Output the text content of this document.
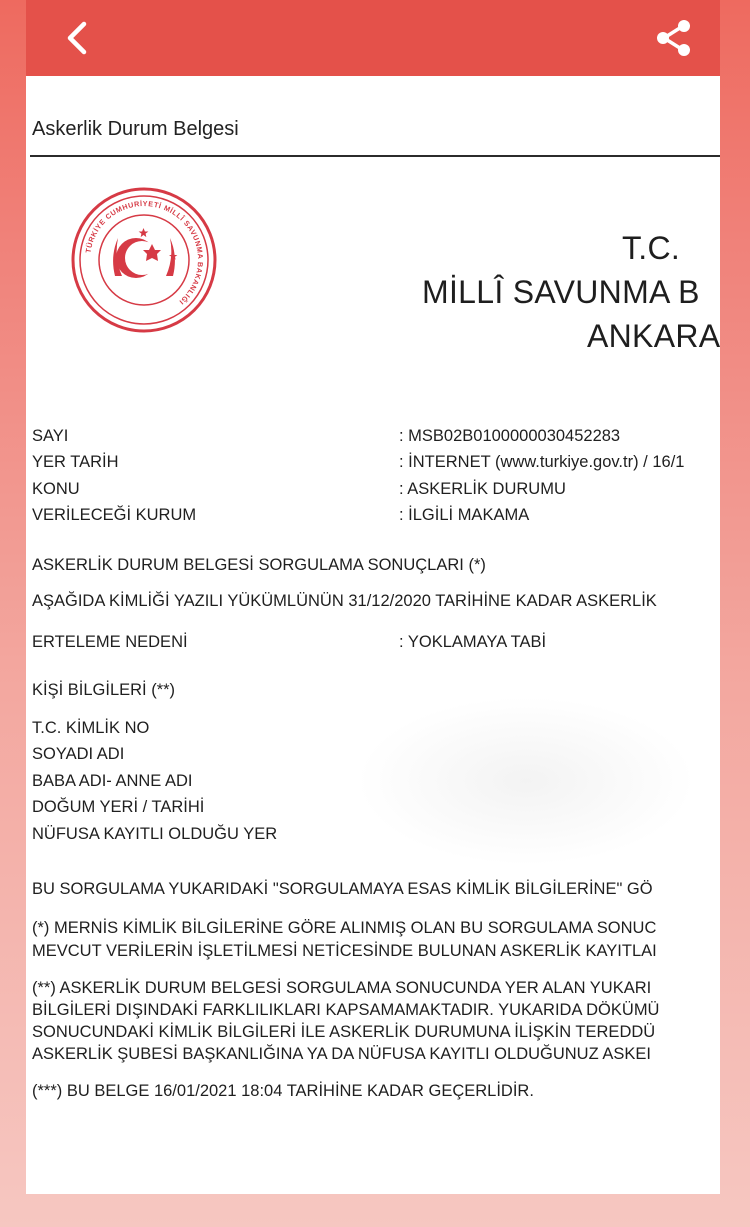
Askerlik Durum Belgesi
TÜRKİYE CUMHURİYETİ MİLLÎ SAVUNMA BAKANLIĞI
T.C.
MİLLÎ SAVUNMA B
ANKARA
SAYI	: MSB02B0100000030452283
YER TARİH	: İNTERNET (www.turkiye.gov.tr) / 16/1
KONU	: ASKERLİK DURUMU
VERİLECEĞİ KURUM	: İLGİLİ MAKAMA
ASKERLİK DURUM BELGESİ SORGULAMA SONUÇLARI (*)
AŞAĞIDA KİMLİĞİ YAZILI YÜKÜMLÜNÜN 31/12/2020 TARİHİNE KADAR ASKERLİK
ERTELEME NEDENİ	: YOKLAMAYA TABİ
KİŞİ BİLGİLERİ (**)
T.C. KİMLİK NO
SOYADI ADI
BABA ADI- ANNE ADI
DOĞUM YERİ / TARİHİ
NÜFUSA KAYITLI OLDUĞU YER
BU SORGULAMA YUKARIDAKİ "SORGULAMAYA ESAS KİMLİK BİLGİLERİNE" GÖ
(*) MERNİS KİMLİK BİLGİLERİNE GÖRE ALINMIŞ OLAN BU SORGULAMA SONUC
MEVCUT VERİLERİN İŞLETİLMESİ NETİCESİNDE BULUNAN ASKERLİK KAYITLAI
(**) ASKERLİK DURUM BELGESİ SORGULAMA SONUCUNDA YER ALAN YUKARI
BİLGİLERİ DIŞINDAKİ FARKLILIKLARI KAPSAMAMAKTADIR. YUKARIDA DÖKÜMÜ
SONUCUNDAKİ KİMLİK BİLGİLERİ İLE ASKERLİK DURUMUNA İLİŞKİN TEREDDÜ
ASKERLİK ŞUBESİ BAŞKANLIĞINA YA DA NÜFUSA KAYITLI OLDUĞUNUZ ASKEI
(***) BU BELGE 16/01/2021 18:04 TARİHİNE KADAR GEÇERLİDİR.
